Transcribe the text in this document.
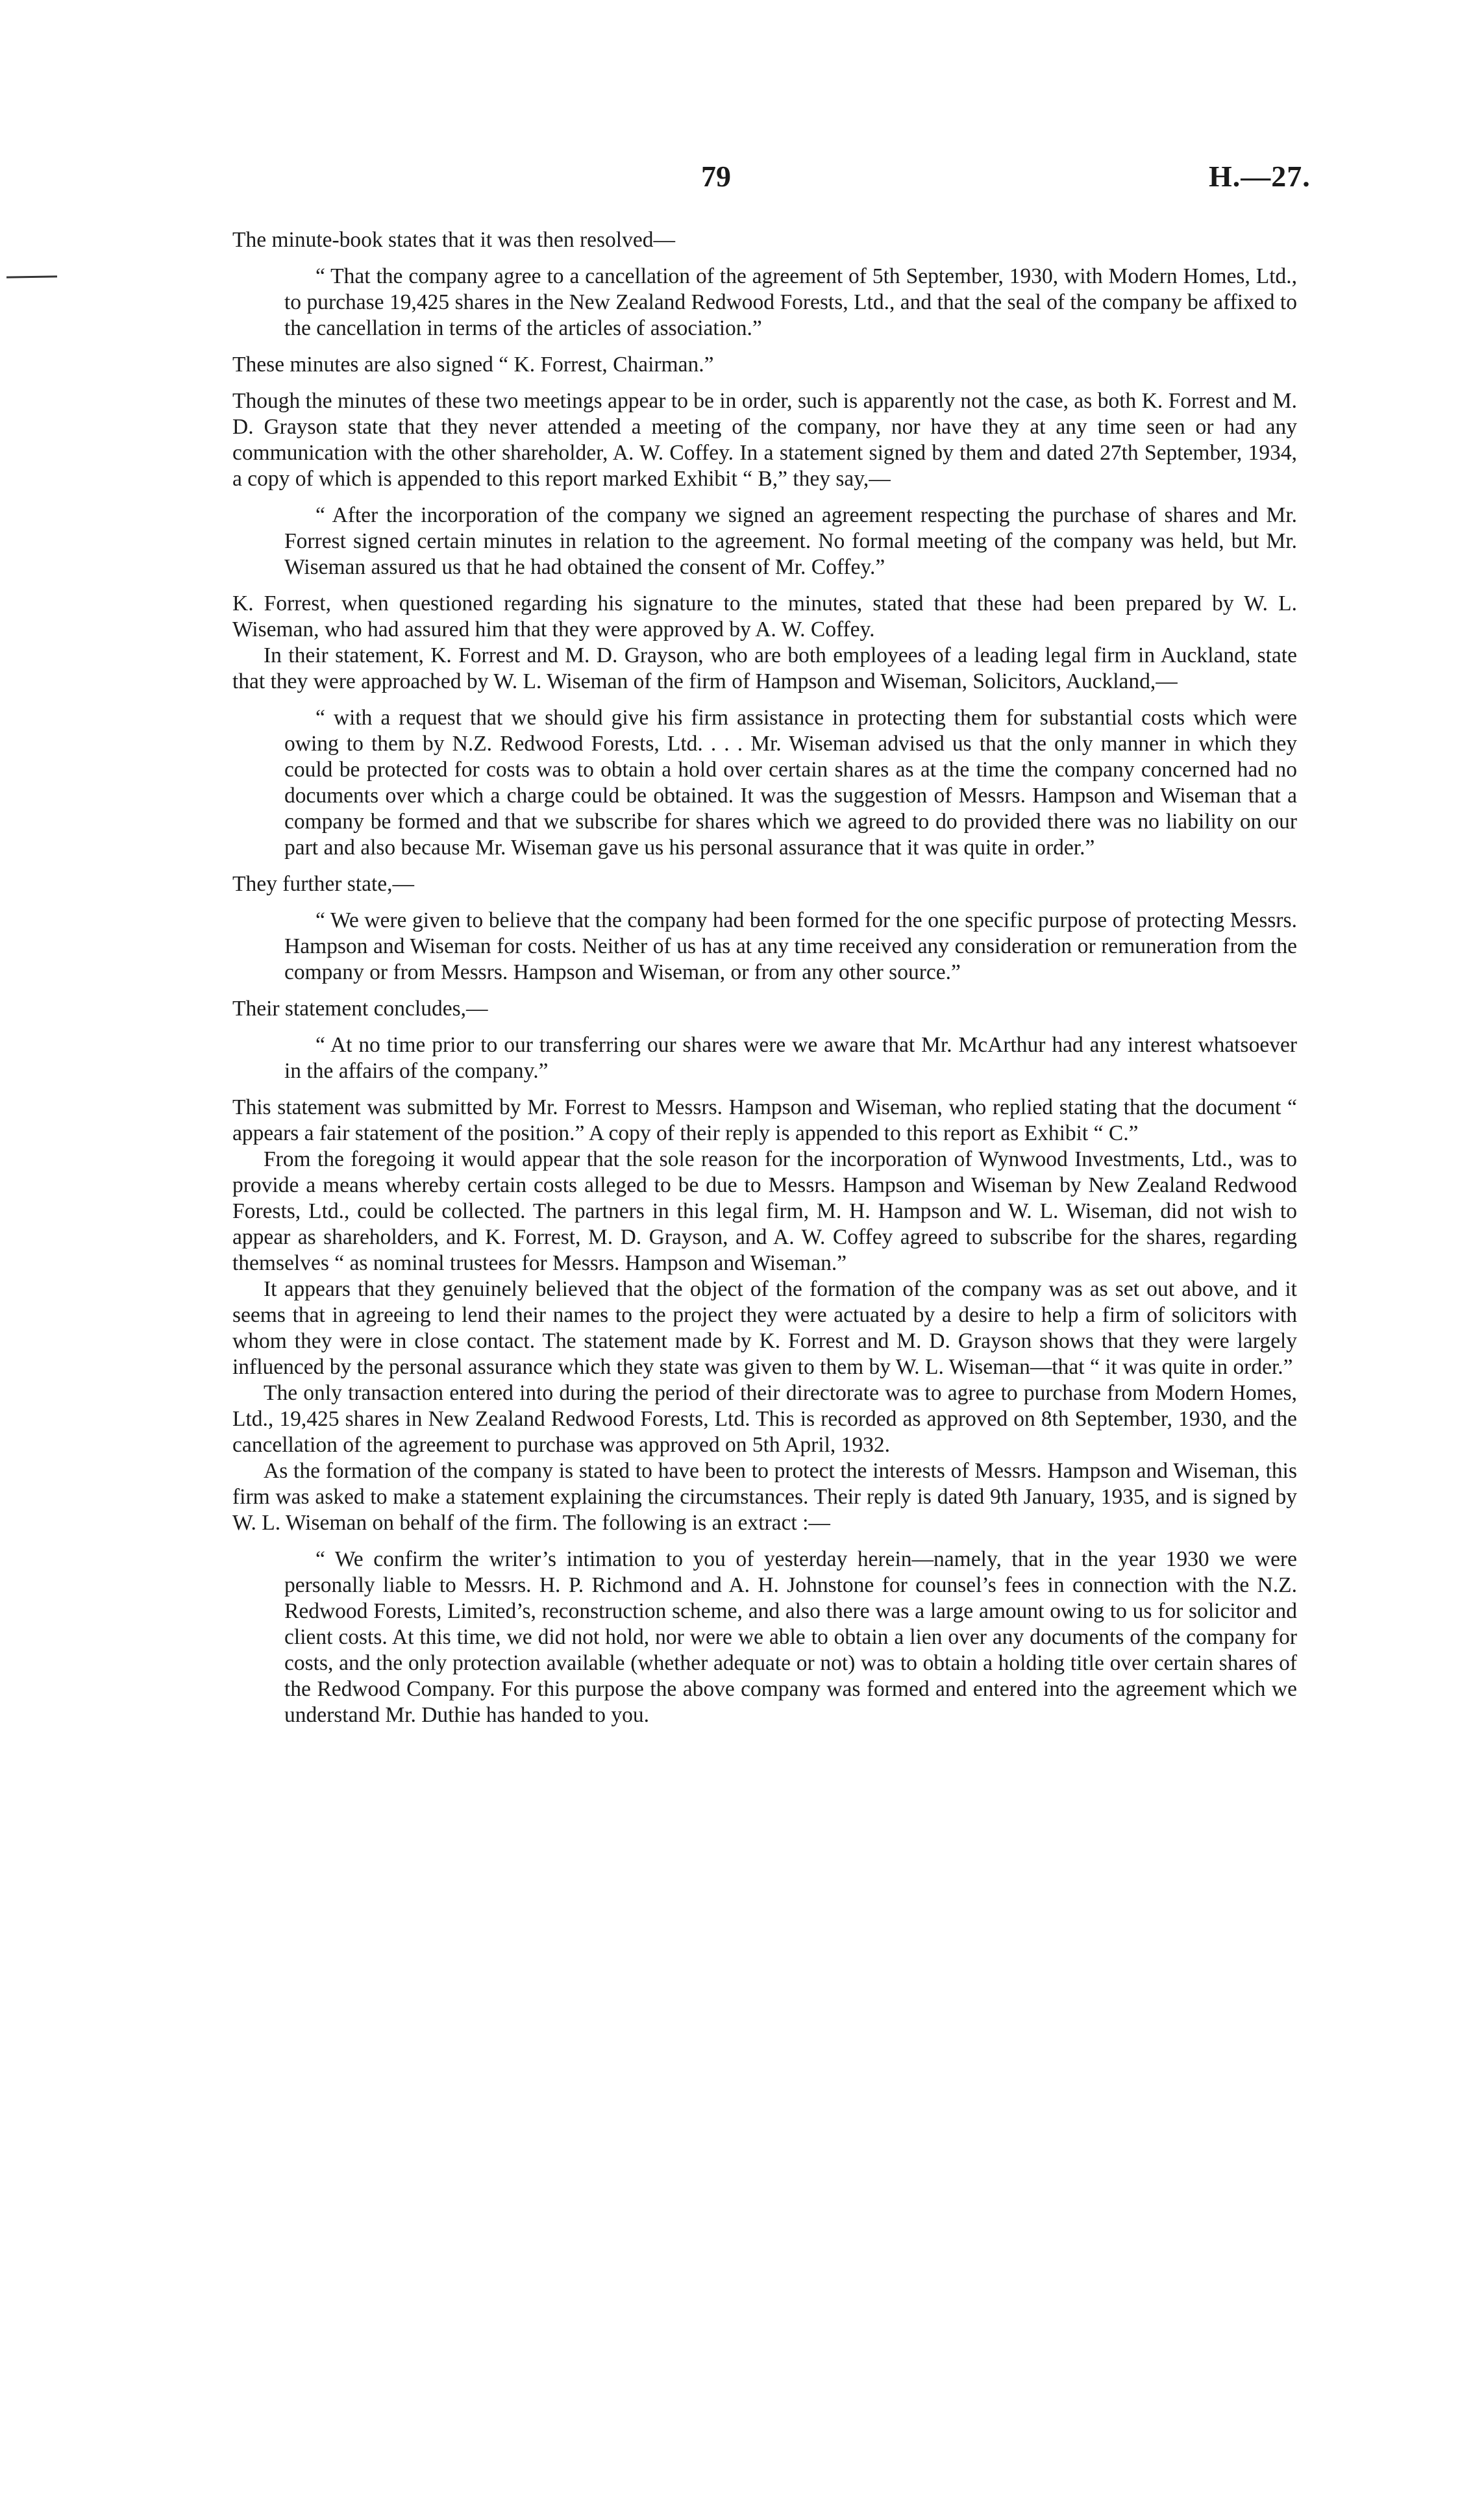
79	H.—27.

The minute-book states that it was then resolved—

“ That the company agree to a cancellation of the agreement of 5th September, 1930, with Modern Homes, Ltd., to purchase 19,425 shares in the New Zealand Redwood Forests, Ltd., and that the seal of the company be affixed to the cancellation in terms of the articles of association.”

These minutes are also signed “ K. Forrest, Chairman.”

Though the minutes of these two meetings appear to be in order, such is apparently not the case, as both K. Forrest and M. D. Grayson state that they never attended a meeting of the company, nor have they at any time seen or had any communication with the other shareholder, A. W. Coffey. In a statement signed by them and dated 27th September, 1934, a copy of which is appended to this report marked Exhibit “ B,” they say,—

“ After the incorporation of the company we signed an agreement respecting the purchase of shares and Mr. Forrest signed certain minutes in relation to the agreement. No formal meeting of the company was held, but Mr. Wiseman assured us that he had obtained the consent of Mr. Coffey.”

K. Forrest, when questioned regarding his signature to the minutes, stated that these had been prepared by W. L. Wiseman, who had assured him that they were approved by A. W. Coffey.

In their statement, K. Forrest and M. D. Grayson, who are both employees of a leading legal firm in Auckland, state that they were approached by W. L. Wiseman of the firm of Hampson and Wiseman, Solicitors, Auckland,—

“ with a request that we should give his firm assistance in protecting them for substantial costs which were owing to them by N.Z. Redwood Forests, Ltd. . . . Mr. Wiseman advised us that the only manner in which they could be protected for costs was to obtain a hold over certain shares as at the time the company concerned had no documents over which a charge could be obtained. It was the suggestion of Messrs. Hampson and Wiseman that a company be formed and that we subscribe for shares which we agreed to do provided there was no liability on our part and also because Mr. Wiseman gave us his personal assurance that it was quite in order.”

They further state,—

“ We were given to believe that the company had been formed for the one specific purpose of protecting Messrs. Hampson and Wiseman for costs. Neither of us has at any time received any consideration or remuneration from the company or from Messrs. Hampson and Wiseman, or from any other source.”

Their statement concludes,—

“ At no time prior to our transferring our shares were we aware that Mr. McArthur had any interest whatsoever in the affairs of the company.”

This statement was submitted by Mr. Forrest to Messrs. Hampson and Wiseman, who replied stating that the document “ appears a fair statement of the position.” A copy of their reply is appended to this report as Exhibit “ C.”

From the foregoing it would appear that the sole reason for the incorporation of Wynwood Investments, Ltd., was to provide a means whereby certain costs alleged to be due to Messrs. Hampson and Wiseman by New Zealand Redwood Forests, Ltd., could be collected. The partners in this legal firm, M. H. Hampson and W. L. Wiseman, did not wish to appear as shareholders, and K. Forrest, M. D. Grayson, and A. W. Coffey agreed to subscribe for the shares, regarding themselves “ as nominal trustees for Messrs. Hampson and Wiseman.”

It appears that they genuinely believed that the object of the formation of the company was as set out above, and it seems that in agreeing to lend their names to the project they were actuated by a desire to help a firm of solicitors with whom they were in close contact. The statement made by K. Forrest and M. D. Grayson shows that they were largely influenced by the personal assurance which they state was given to them by W. L. Wiseman—that “ it was quite in order.”

The only transaction entered into during the period of their directorate was to agree to purchase from Modern Homes, Ltd., 19,425 shares in New Zealand Redwood Forests, Ltd. This is recorded as approved on 8th September, 1930, and the cancellation of the agreement to purchase was approved on 5th April, 1932.

As the formation of the company is stated to have been to protect the interests of Messrs. Hampson and Wiseman, this firm was asked to make a statement explaining the circumstances. Their reply is dated 9th January, 1935, and is signed by W. L. Wiseman on behalf of the firm. The following is an extract :—

“ We confirm the writer’s intimation to you of yesterday herein—namely, that in the year 1930 we were personally liable to Messrs. H. P. Richmond and A. H. Johnstone for counsel’s fees in connection with the N.Z. Redwood Forests, Limited’s, reconstruction scheme, and also there was a large amount owing to us for solicitor and client costs. At this time, we did not hold, nor were we able to obtain a lien over any documents of the company for costs, and the only protection available (whether adequate or not) was to obtain a holding title over certain shares of the Redwood Company. For this purpose the above company was formed and entered into the agreement which we understand Mr. Duthie has handed to you.
